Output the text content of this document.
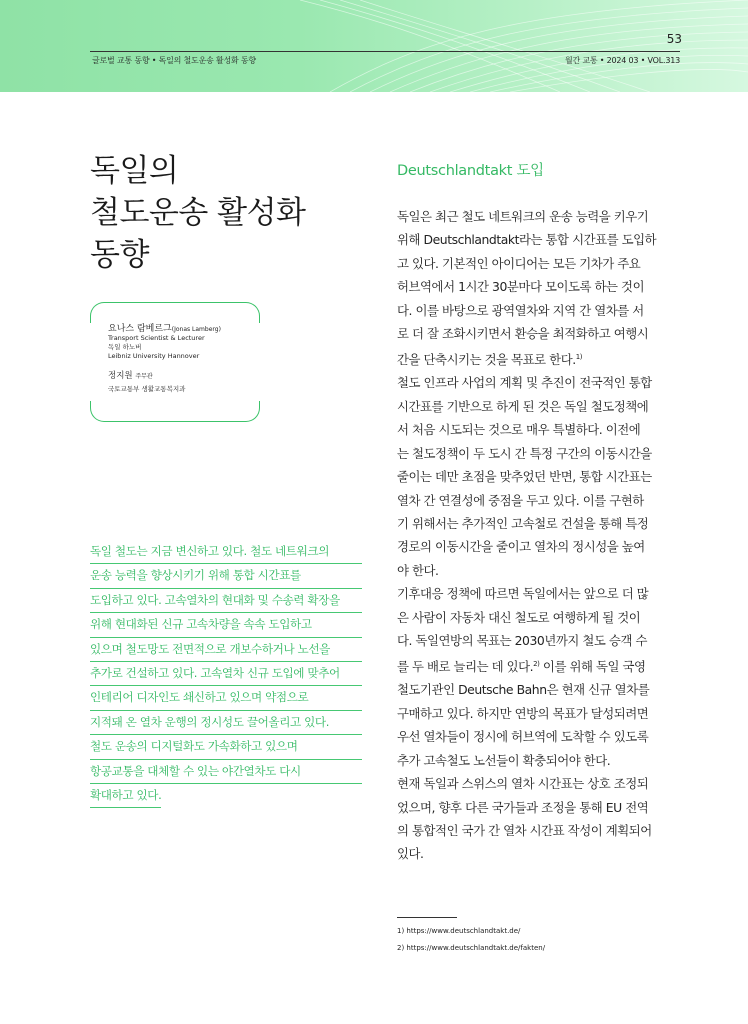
53
글로벌 교통 동향 • 독일의 철도운송 활성화 동향	월간 교통 • 2024 03 • VOL.313
독일의
철도운송 활성화
동향
요나스 람베르그(Jonas Lamberg)
Transport Scientist & Lecturer
독일 하노버
Leibniz University Hannover
정지원 주무관
국토교통부 생활교통복지과
독일 철도는 지금 변신하고 있다. 철도 네트워크의
운송 능력을 향상시키기 위해 통합 시간표를
도입하고 있다. 고속열차의 현대화 및 수송력 확장을
위해 현대화된 신규 고속차량을 속속 도입하고
있으며 철도망도 전면적으로 개보수하거나 노선을
추가로 건설하고 있다. 고속열차 신규 도입에 맞추어
인테리어 디자인도 쇄신하고 있으며 약점으로
지적돼 온 열차 운행의 정시성도 끌어올리고 있다.
철도 운송의 디지털화도 가속화하고 있으며
항공교통을 대체할 수 있는 야간열차도 다시
확대하고 있다.
Deutschlandtakt 도입

독일은 최근 철도 네트워크의 운송 능력을 키우기
위해 Deutschlandtakt라는 통합 시간표를 도입하
고 있다. 기본적인 아이디어는 모든 기차가 주요
허브역에서 1시간 30분마다 모이도록 하는 것이
다. 이를 바탕으로 광역열차와 지역 간 열차를 서
로 더 잘 조화시키면서 환승을 최적화하고 여행시
간을 단축시키는 것을 목표로 한다.$^{1)}$

철도 인프라 사업의 계획 및 추진이 전국적인 통합
시간표를 기반으로 하게 된 것은 독일 철도정책에
서 처음 시도되는 것으로 매우 특별하다. 이전에
는 철도정책이 두 도시 간 특정 구간의 이동시간을
줄이는 데만 초점을 맞추었던 반면, 통합 시간표는
열차 간 연결성에 중점을 두고 있다. 이를 구현하
기 위해서는 추가적인 고속철로 건설을 통해 특정
경로의 이동시간을 줄이고 열차의 정시성을 높여
야 한다.

기후대응 정책에 따르면 독일에서는 앞으로 더 많
은 사람이 자동차 대신 철도로 여행하게 될 것이
다. 독일연방의 목표는 2030년까지 철도 승객 수
를 두 배로 늘리는 데 있다.$^{2)}$ 이를 위해 독일 국영
철도기관인 Deutsche Bahn은 현재 신규 열차를
구매하고 있다. 하지만 연방의 목표가 달성되려면
우선 열차들이 정시에 허브역에 도착할 수 있도록
추가 고속철도 노선들이 확충되어야 한다.

현재 독일과 스위스의 열차 시간표는 상호 조정되
었으며, 향후 다른 국가들과 조정을 통해 EU 전역
의 통합적인 국가 간 열차 시간표 작성이 계획되어
있다.

1) https://www.deutschlandtakt.de/
2) https://www.deutschlandtakt.de/fakten/
